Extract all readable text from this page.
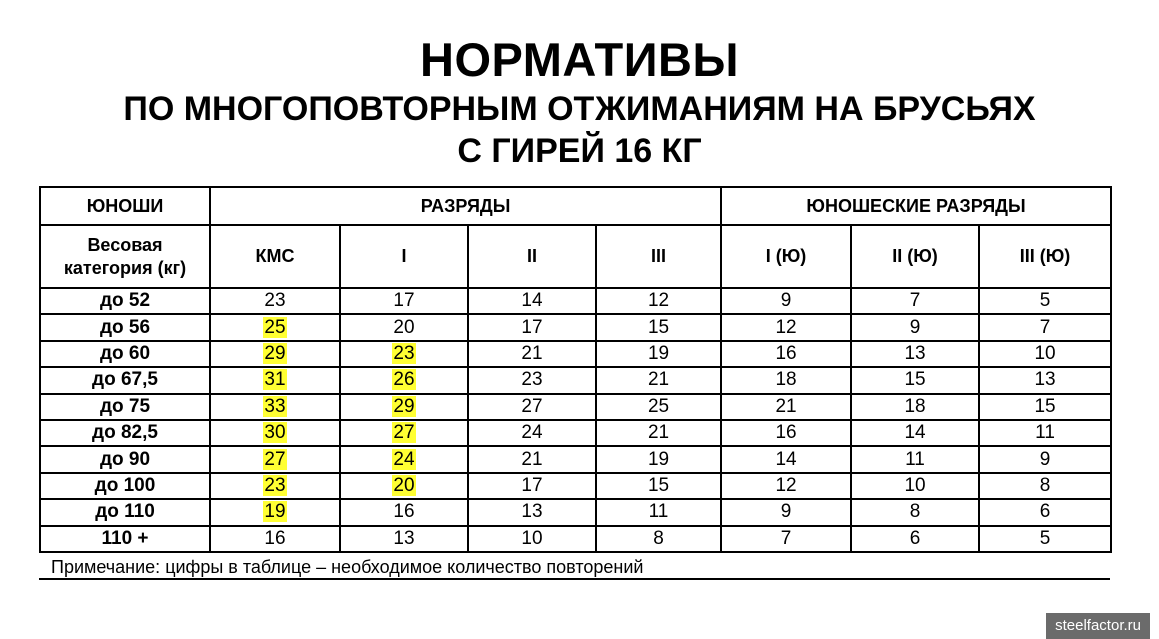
НОРМАТИВЫ
ПО МНОГОПОВТОРНЫМ ОТЖИМАНИЯМ НА БРУСЬЯХ
С ГИРЕЙ 16 КГ
ЮНОШИ	РАЗРЯДЫ				ЮНОШЕСКИЕ РАЗРЯДЫ		
Весовая
категория (кг)	КМС	I	II	III	I (Ю)	II (Ю)	III (Ю)
до 52	23	17	14	12	9	7	5
до 56	25	20	17	15	12	9	7
до 60	29	23	21	19	16	13	10
до 67,5	31	26	23	21	18	15	13
до 75	33	29	27	25	21	18	15
до 82,5	30	27	24	21	16	14	11
до 90	27	24	21	19	14	11	9
до 100	23	20	17	15	12	10	8
до 110	19	16	13	11	9	8	6
110 +	16	13	10	8	7	6	5
Примечание: цифры в таблице – необходимое количество повторений
steelfactor.ru
